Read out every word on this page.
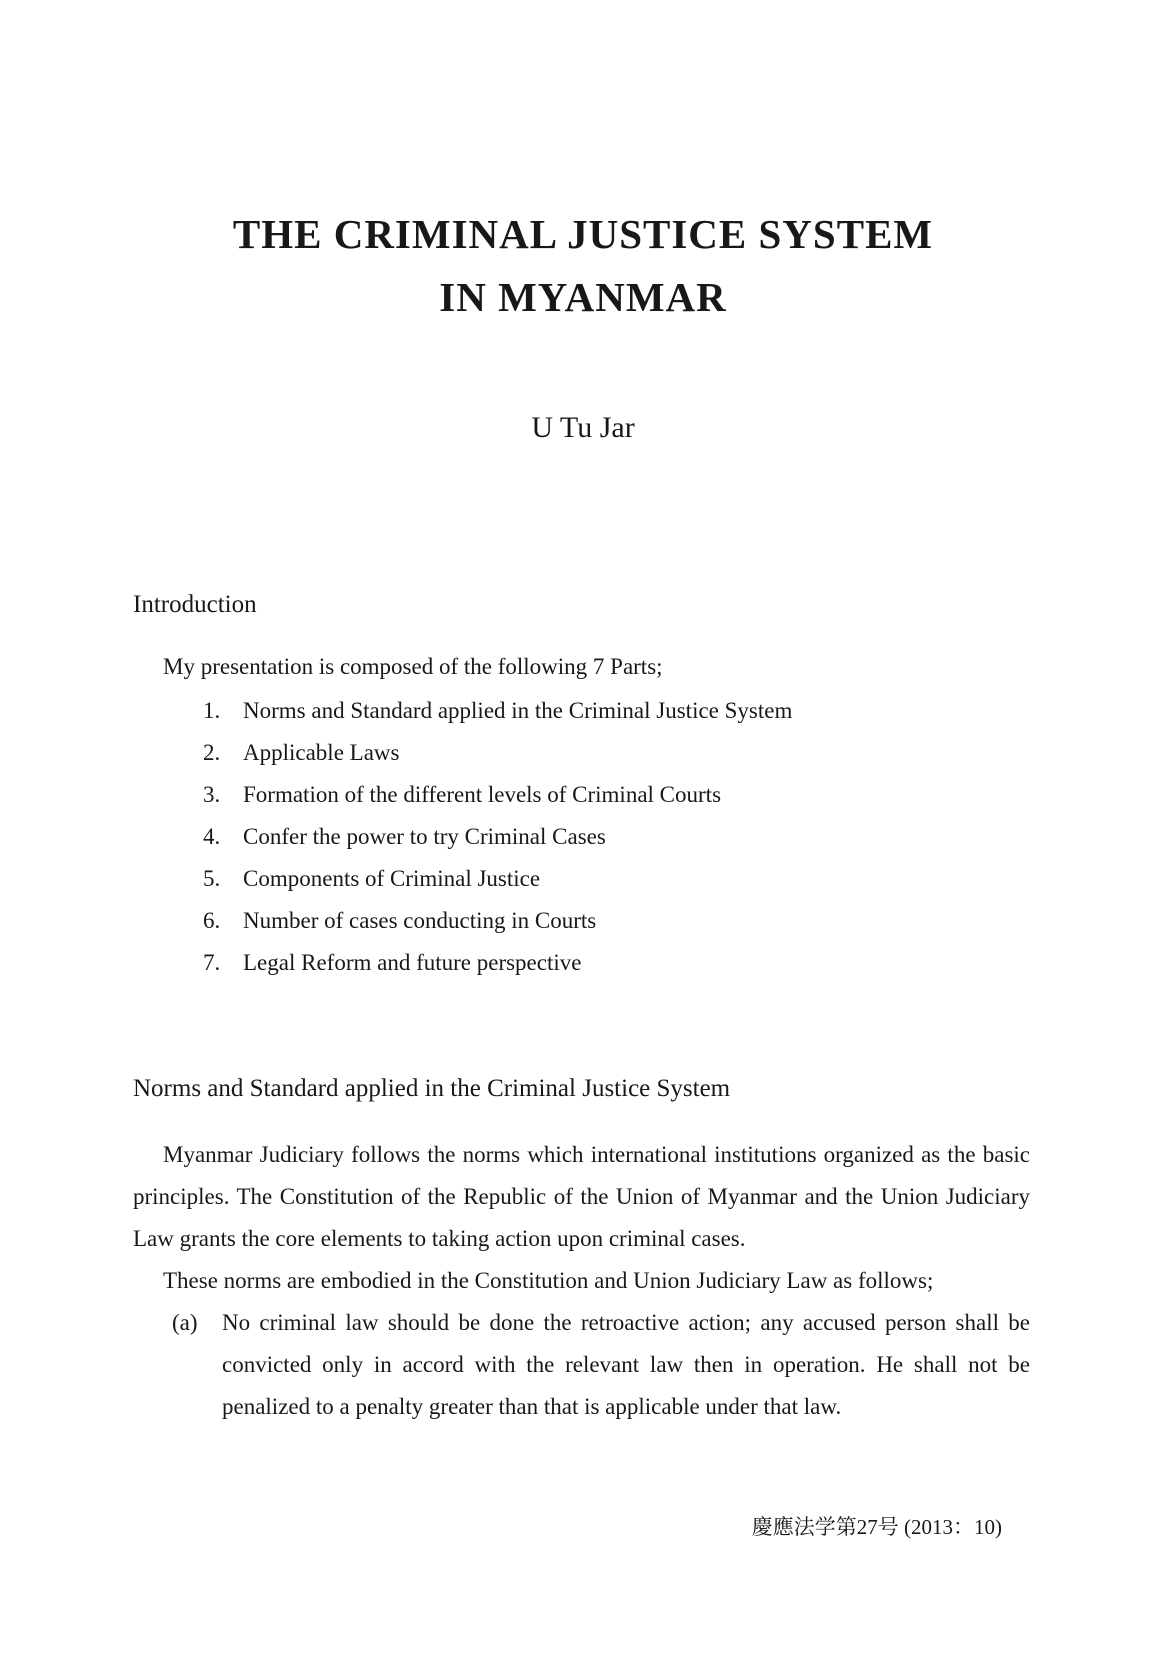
THE CRIMINAL JUSTICE SYSTEM
IN MYANMAR
U Tu Jar
Introduction
My presentation is composed of the following 7 Parts;
1. Norms and Standard applied in the Criminal Justice System
2. Applicable Laws
3. Formation of the different levels of Criminal Courts
4. Confer the power to try Criminal Cases
5. Components of Criminal Justice
6. Number of cases conducting in Courts
7. Legal Reform and future perspective
Norms and Standard applied in the Criminal Justice System

Myanmar Judiciary follows the norms which international institutions organized as the basic principles. The Constitution of the Republic of the Union of Myanmar and the Union Judiciary Law grants the core elements to taking action upon criminal cases.

These norms are embodied in the Constitution and Union Judiciary Law as follows;
(a) No criminal law should be done the retroactive action; any accused person shall be convicted only in accord with the relevant law then in operation. He shall not be penalized to a penalty greater than that is applicable under that law.
慶應法学第27号 (2013：10)
